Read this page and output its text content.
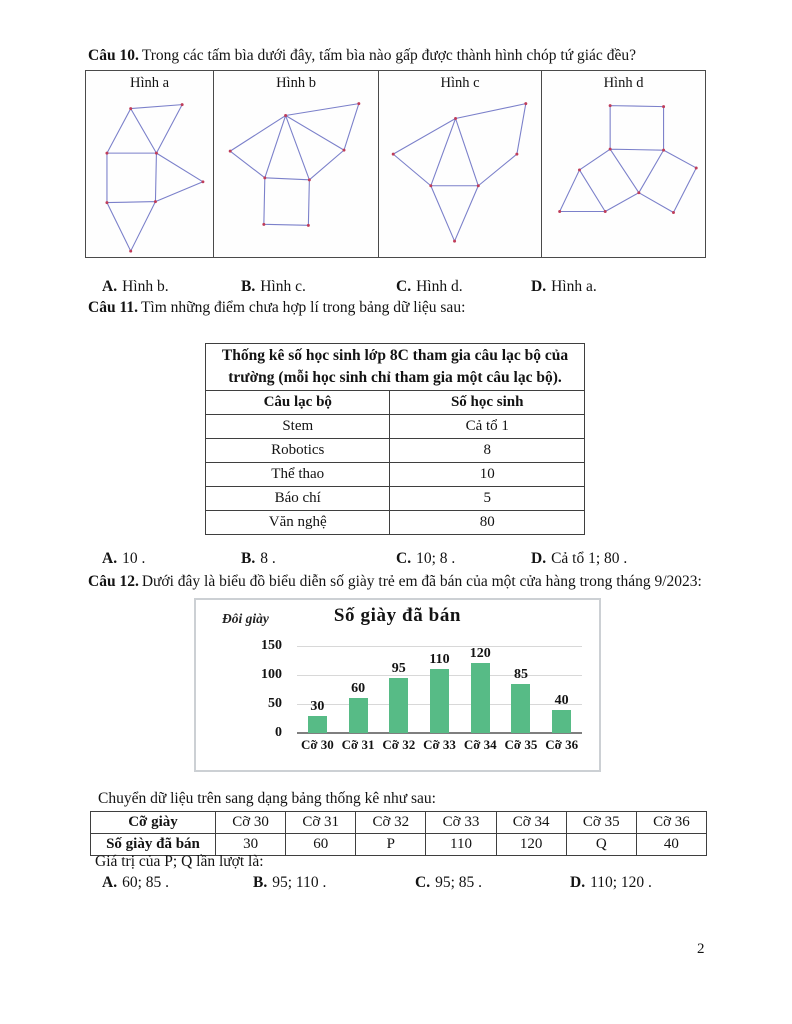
Câu 10. Trong các tấm bìa dưới đây, tấm bìa nào gấp được thành hình chóp tứ giác đều?

Hình a	Hình b	Hình c	Hình d
A. Hình b.	B. Hình c.	C. Hình d.	D. Hình a.

Câu 11. Tìm những điểm chưa hợp lí trong bảng dữ liệu sau:

Thống kê số học sinh lớp 8C tham gia câu lạc bộ của
trường (mỗi học sinh chỉ tham gia một câu lạc bộ).	

Câu lạc bộ	Số học sinh
Stem	Cả tổ 1
Robotics	8
Thể thao	10
Báo chí	5
Văn nghệ	80
A. 10 .	B. 8 .	C. 10; 8 .	D. Cả tổ 1; 80 .

Câu 12. Dưới đây là biểu đồ biểu diễn số giày trẻ em đã bán của một cửa hàng trong tháng 9/2023:

Đôi giày	Số giày đã bán
0
50
100
150
30
60
95
110 120
85
40
Cỡ 30 Cỡ 31 Cỡ 32 Cỡ 33 Cỡ 34 Cỡ 35 Cỡ 36

Chuyển dữ liệu trên sang dạng bảng thống kê như sau:

Cỡ giày	Cỡ 30	Cỡ 31	Cỡ 32	Cỡ 33	Cỡ 34	Cỡ 35	Cỡ 36
Số giày đã bán	30	60	P	110	120	Q	40

Giá trị của P; Q lần lượt là:

A. 60; 85 .	B. 95; 110 .	C. 95; 85 .	D. 110; 120 .
2
